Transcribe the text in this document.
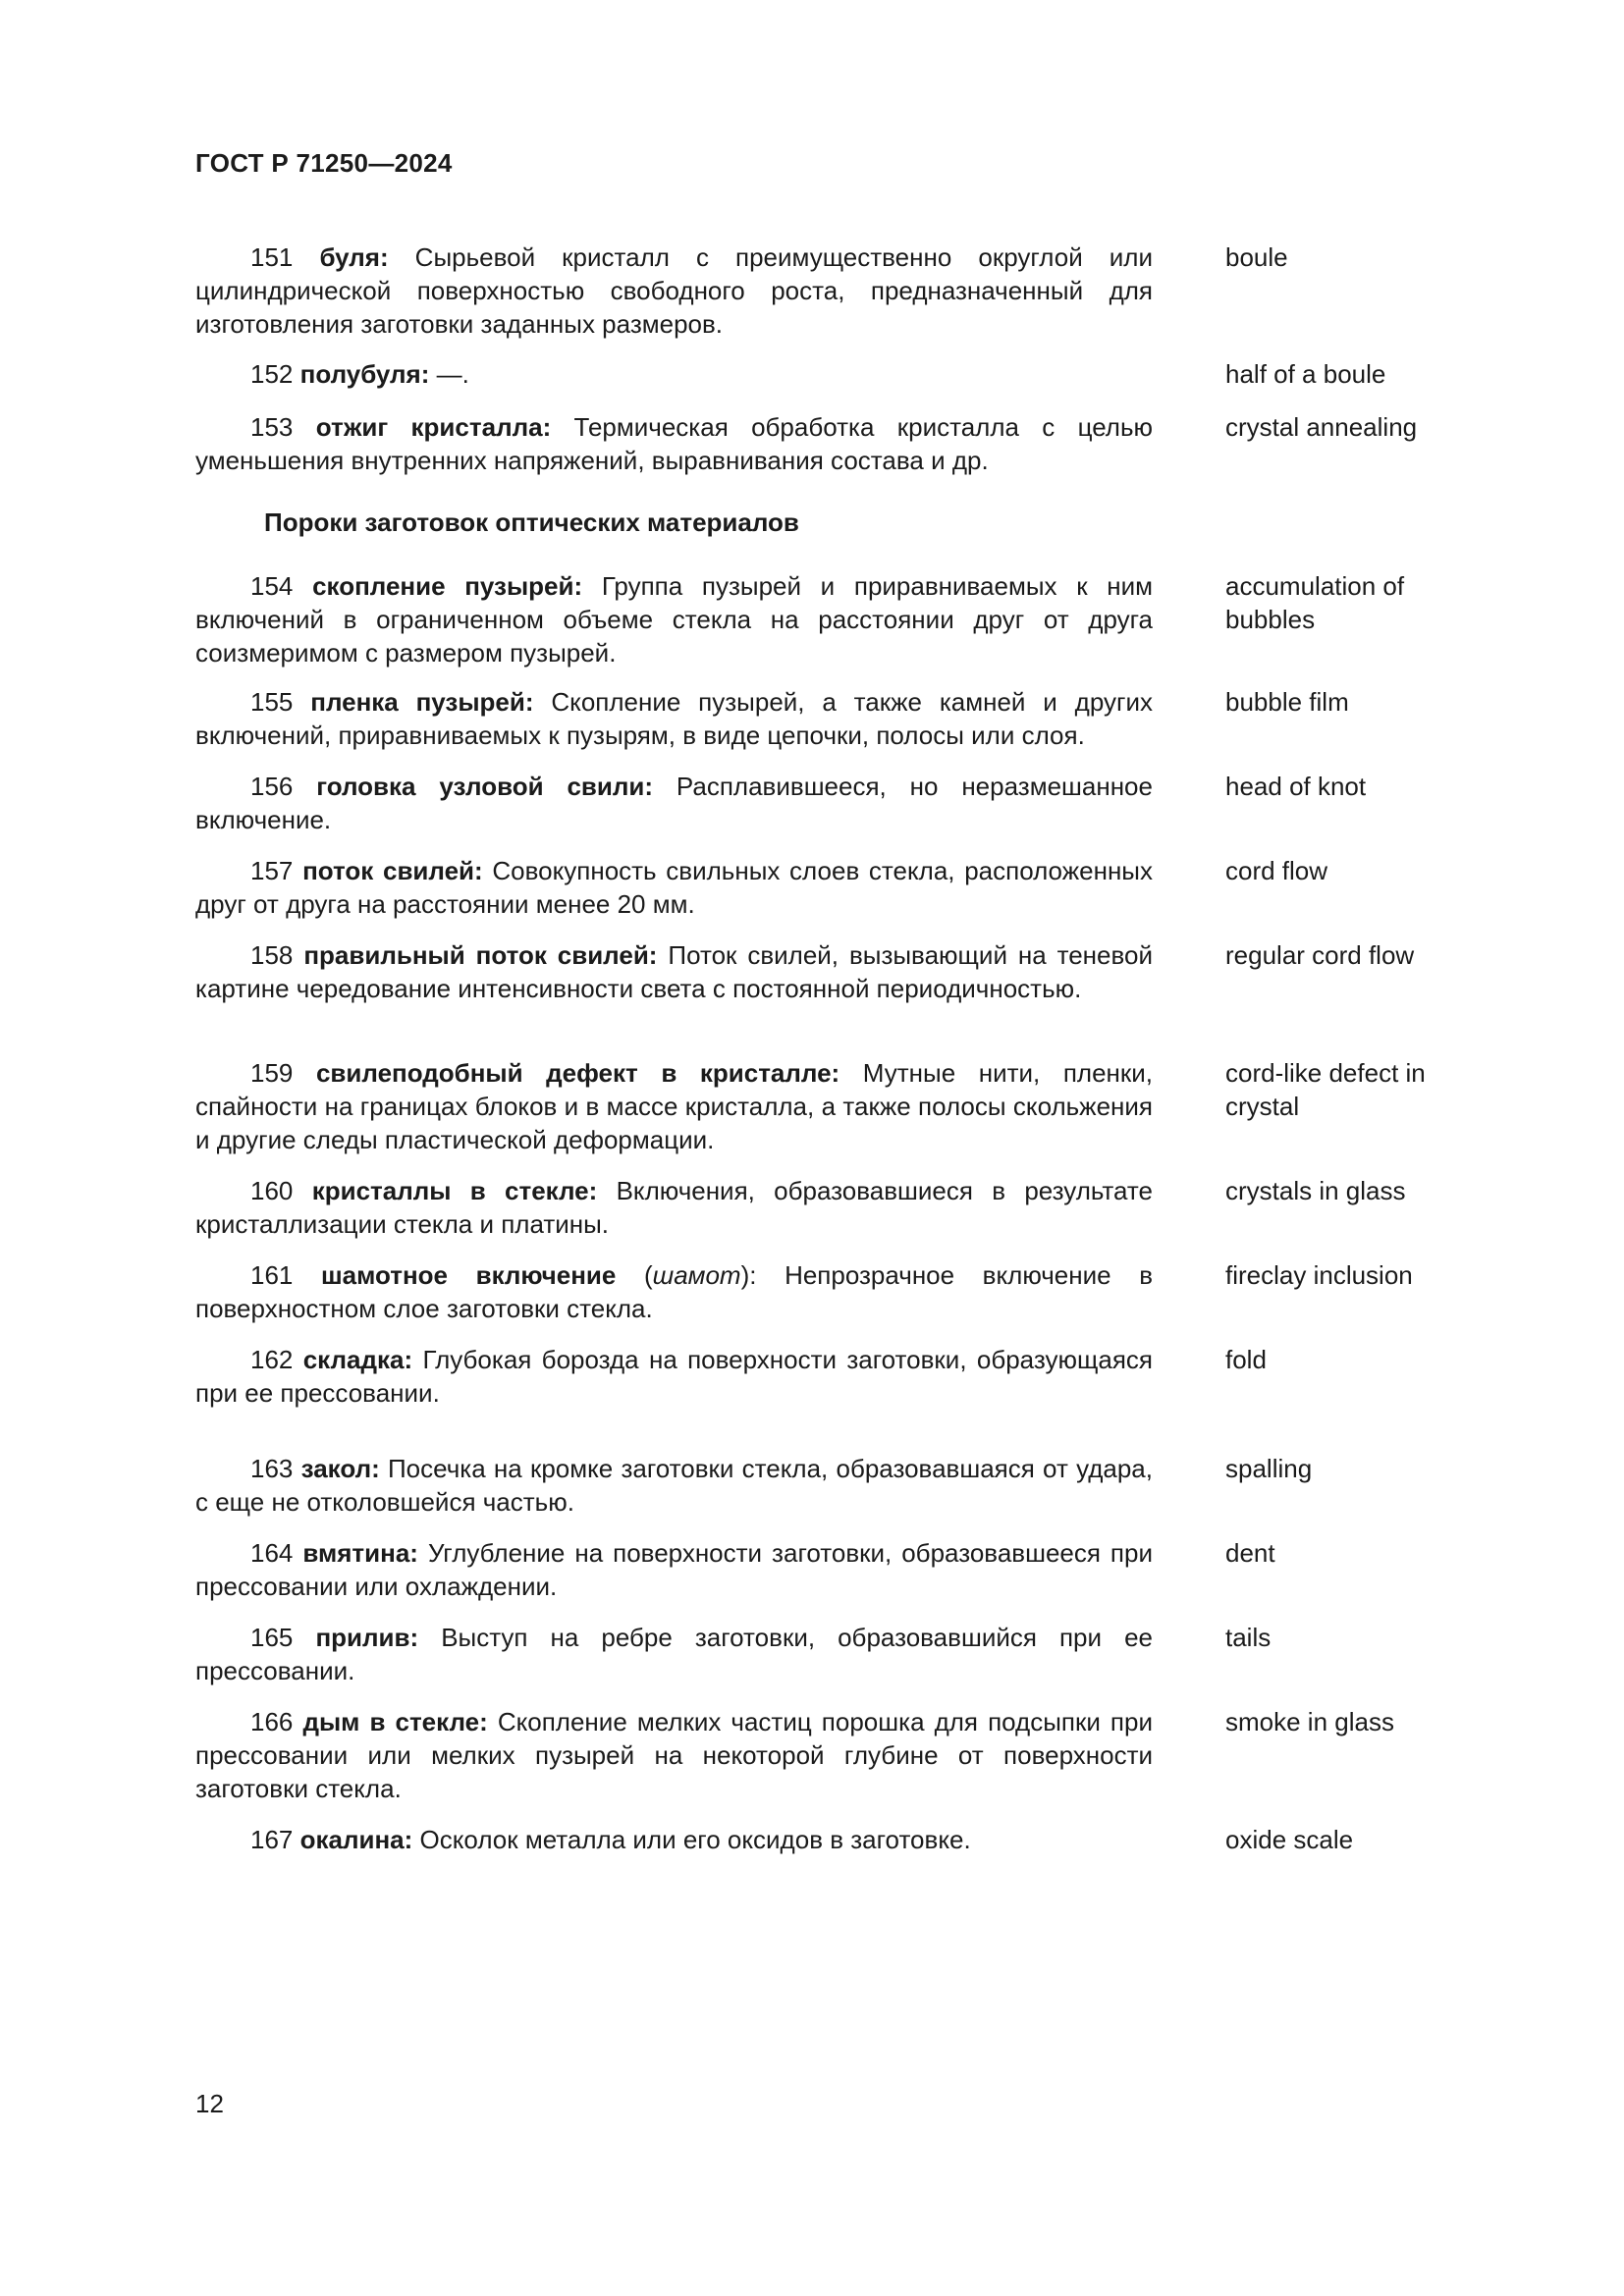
ГОСТ Р 71250—2024
151 буля: Сырьевой кристалл с преимущественно округлой или цилиндрической поверхностью свободного роста, предназначенный для изготовления заготовки заданных размеров.
boule
152 полубуля: —.	half of a boule
153 отжиг кристалла: Термическая обработка кристалла с целью уменьшения внутренних напряжений, выравнивания состава и др.
crystal annealing
Пороки заготовок оптических материалов
154 скопление пузырей: Группа пузырей и приравниваемых к ним включений в ограниченном объеме стекла на расстоянии друг от друга соизмеримом с размером пузырей.
accumulation of bubbles
155 пленка пузырей: Скопление пузырей, а также камней и других включений, приравниваемых к пузырям, в виде цепочки, полосы или слоя.
bubble film
156 головка узловой свили: Расплавившееся, но неразмешанное включение.
head of knot
157 поток свилей: Совокупность свильных слоев стекла, расположенных друг от друга на расстоянии менее 20 мм.
cord flow
158 правильный поток свилей: Поток свилей, вызывающий на теневой картине чередование интенсивности света с постоянной периодичностью.
regular cord flow
159 свилеподобный дефект в кристалле: Мутные нити, пленки, спайности на границах блоков и в массе кристалла, а также полосы скольжения и другие следы пластической деформации.
cord-like defect in crystal
160 кристаллы в стекле: Включения, образовавшиеся в результате кристаллизации стекла и платины.
crystals in glass
161 шамотное включение (шамот): Непрозрачное включение в поверхностном слое заготовки стекла.
fireclay inclusion
162 складка: Глубокая борозда на поверхности заготовки, образующаяся при ее прессовании.
fold
163 закол: Посечка на кромке заготовки стекла, образовавшаяся от удара, с еще не отколовшейся частью.
spalling
164 вмятина: Углубление на поверхности заготовки, образовавшееся при прессовании или охлаждении.
dent
165 прилив: Выступ на ребре заготовки, образовавшийся при ее прессовании.
tails
166 дым в стекле: Скопление мелких частиц порошка для подсыпки при прессовании или мелких пузырей на некоторой глубине от поверхности заготовки стекла.
smoke in glass
167 окалина: Осколок металла или его оксидов в заготовке.	oxide scale
12
